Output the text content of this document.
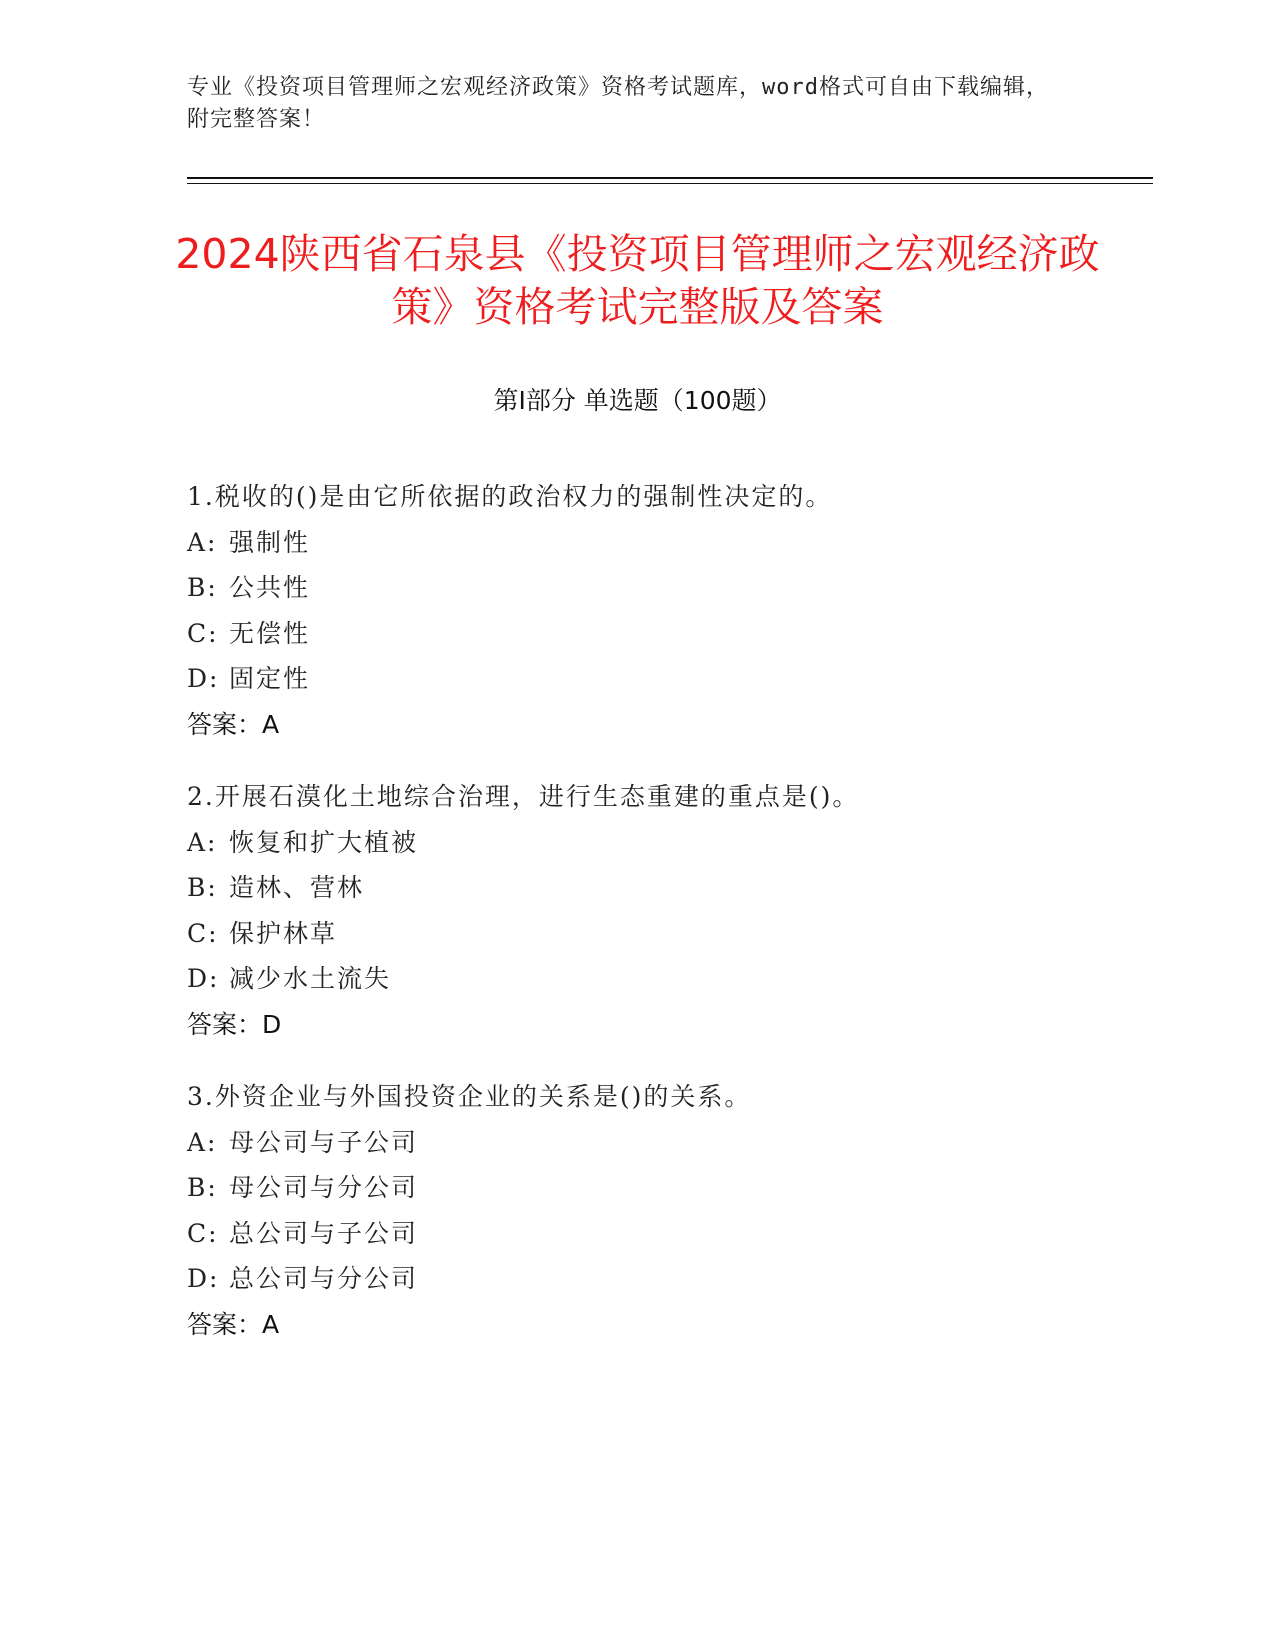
专业《投资项目管理师之宏观经济政策》资格考试题库，word格式可自由下载编辑，附完整答案！
2024陕西省石泉县《投资项目管理师之宏观经济政策》资格考试完整版及答案
第Ⅰ部分 单选题（100题）
1.税收的()是由它所依据的政治权力的强制性决定的。
A: 强制性
B: 公共性
C: 无偿性
D: 固定性
答案：A
2.开展石漠化土地综合治理，进行生态重建的重点是()。
A: 恢复和扩大植被
B: 造林、营林
C: 保护林草
D: 减少水土流失
答案：D
3.外资企业与外国投资企业的关系是()的关系。
A: 母公司与子公司
B: 母公司与分公司
C: 总公司与子公司
D: 总公司与分公司
答案：A
